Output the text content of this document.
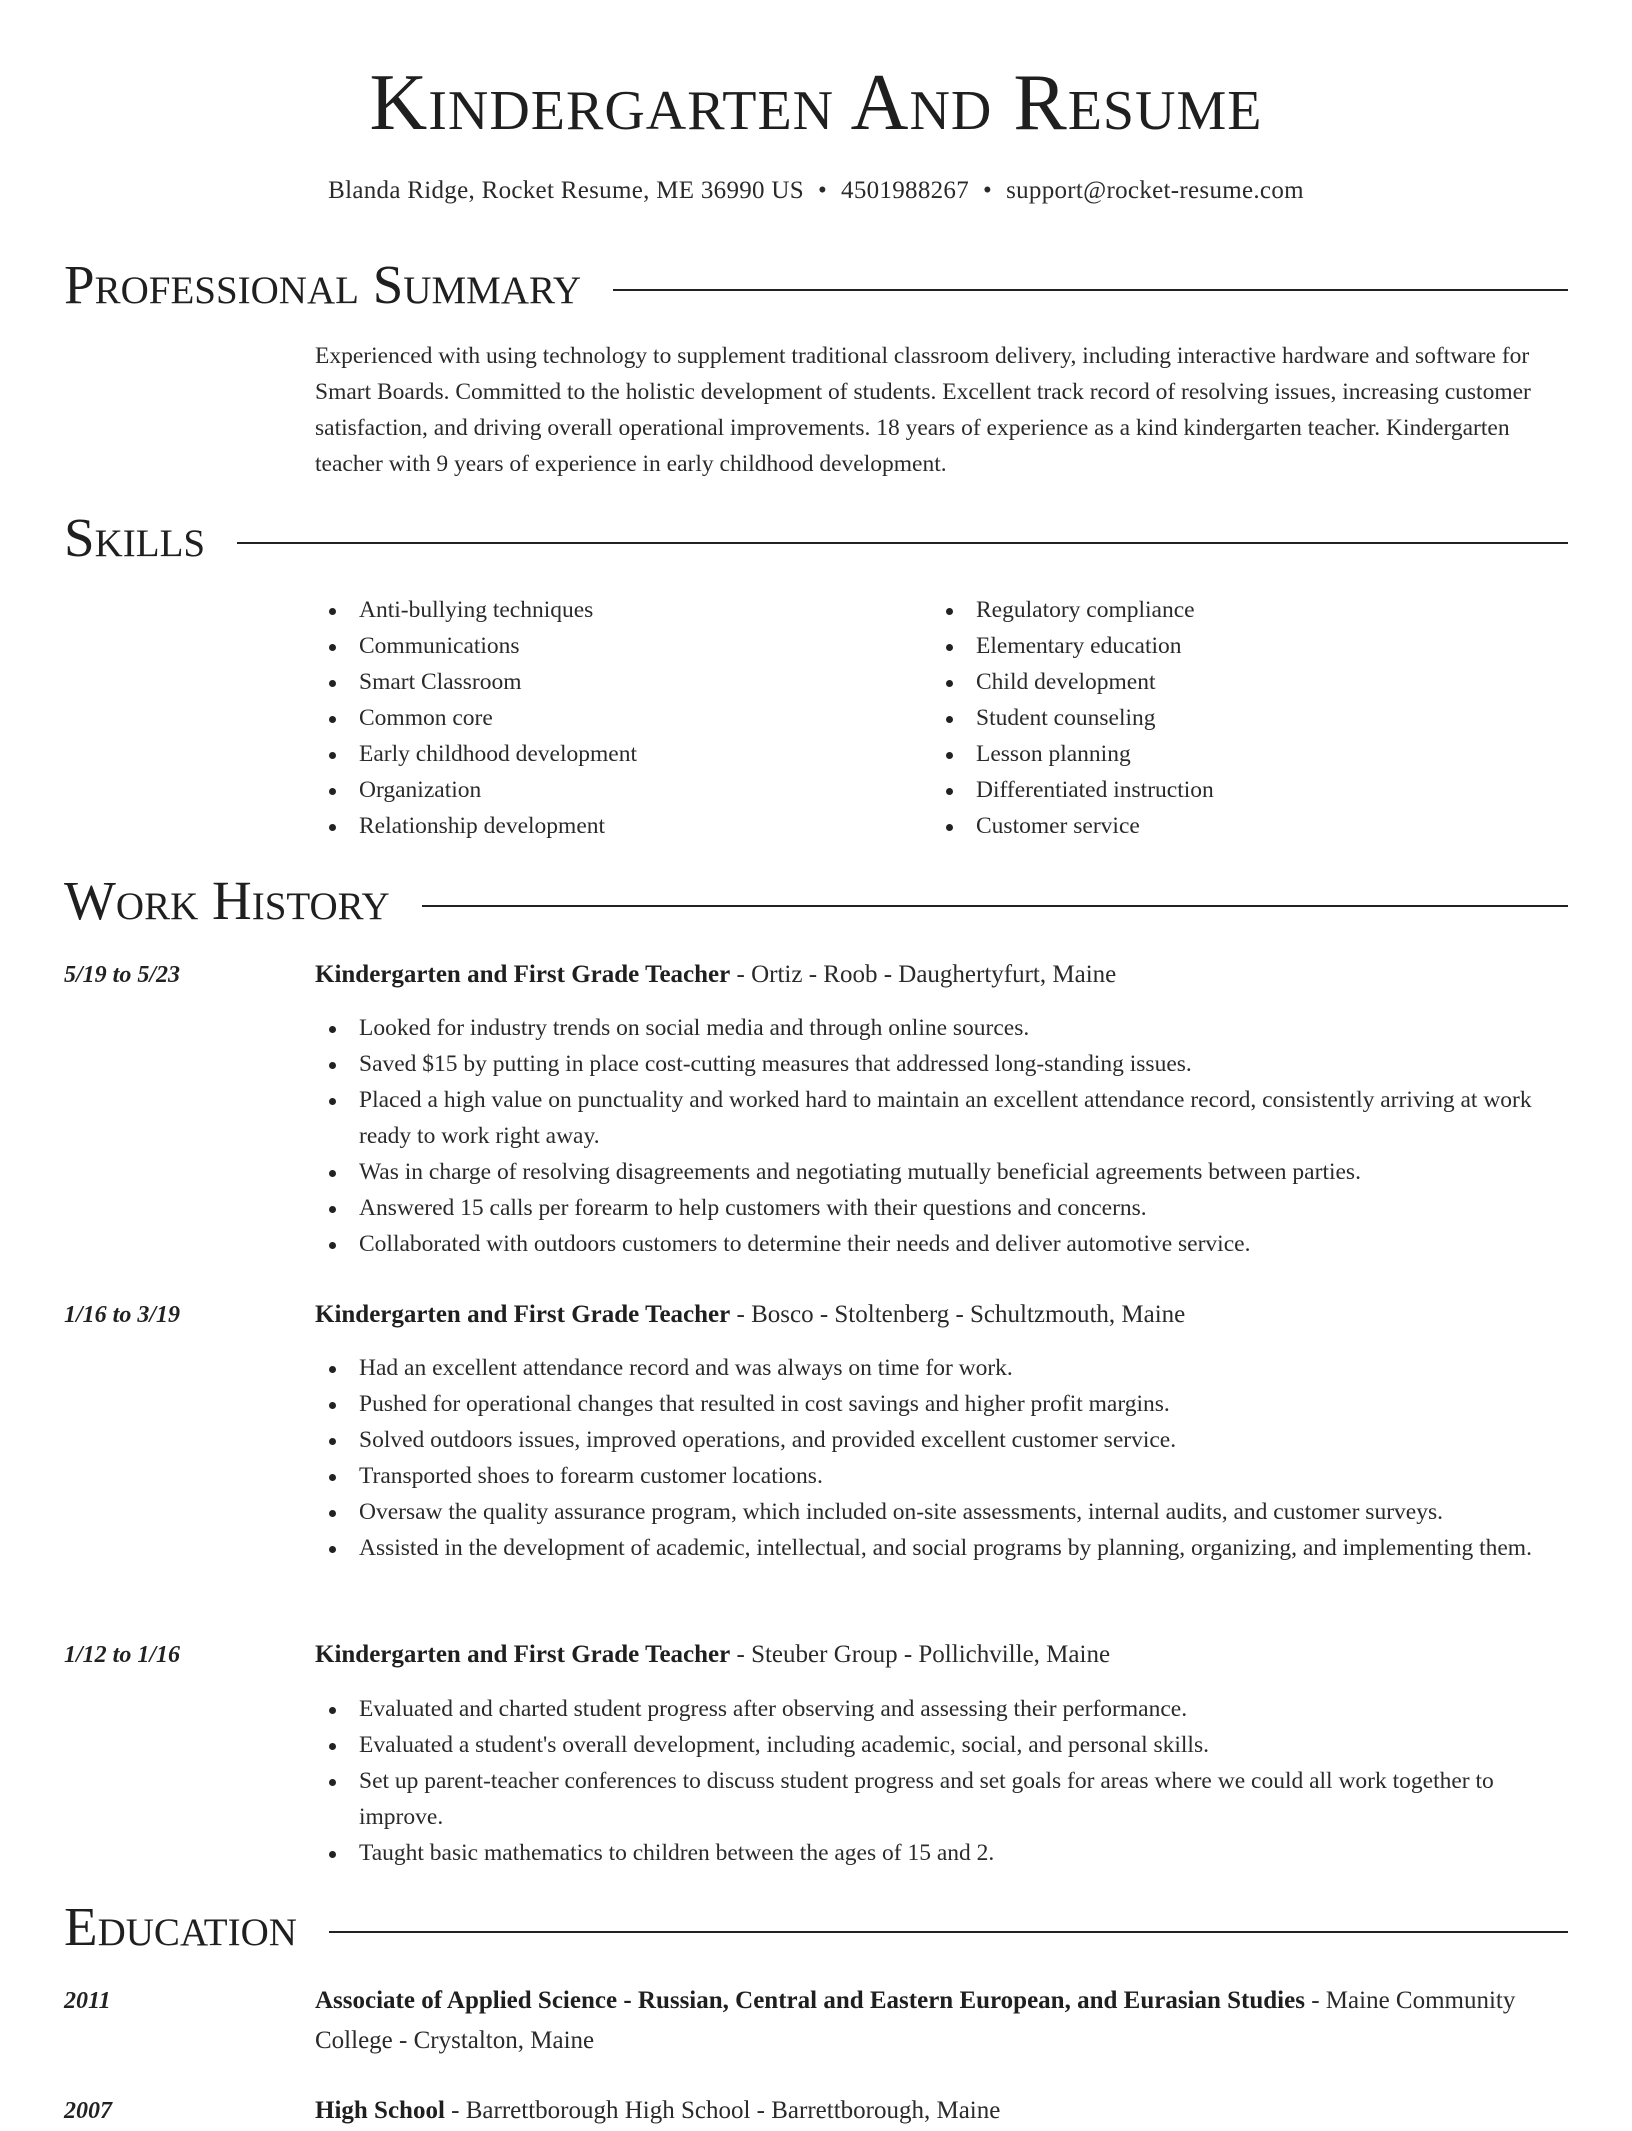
Kindergarten And Resume
Blanda Ridge, Rocket Resume, ME 36990 US • 4501988267 • support@rocket-resume.com
Professional Summary

Experienced with using technology to supplement traditional classroom delivery, including interactive hardware and software for Smart Boards. Committed to the holistic development of students. Excellent track record of resolving issues, increasing customer satisfaction, and driving overall operational improvements. 18 years of experience as a kind kindergarten teacher. Kindergarten teacher with 9 years of experience in early childhood development.

Skills
Anti-bullying techniques
Communications
Smart Classroom
Common core
Early childhood development
Organization
Relationship development
Regulatory compliance
Elementary education
Child development
Student counseling
Lesson planning
Differentiated instruction
Customer service
Work History
5/19 to 5/23	Kindergarten and First Grade Teacher - Ortiz - Roob - Daughertyfurt, Maine
Looked for industry trends on social media and through online sources.
Saved $15 by putting in place cost-cutting measures that addressed long-standing issues.
Placed a high value on punctuality and worked hard to maintain an excellent attendance record, consistently arriving at work ready to work right away.
Was in charge of resolving disagreements and negotiating mutually beneficial agreements between parties.
Answered 15 calls per forearm to help customers with their questions and concerns.
Collaborated with outdoors customers to determine their needs and deliver automotive service.
1/16 to 3/19	Kindergarten and First Grade Teacher - Bosco - Stoltenberg - Schultzmouth, Maine
Had an excellent attendance record and was always on time for work.
Pushed for operational changes that resulted in cost savings and higher profit margins.
Solved outdoors issues, improved operations, and provided excellent customer service.
Transported shoes to forearm customer locations.
Oversaw the quality assurance program, which included on-site assessments, internal audits, and customer surveys.
Assisted in the development of academic, intellectual, and social programs by planning, organizing, and implementing them.
1/12 to 1/16	Kindergarten and First Grade Teacher - Steuber Group - Pollichville, Maine
Evaluated and charted student progress after observing and assessing their performance.
Evaluated a student's overall development, including academic, social, and personal skills.
Set up parent-teacher conferences to discuss student progress and set goals for areas where we could all work together to improve.
Taught basic mathematics to children between the ages of 15 and 2.
Education
2011	Associate of Applied Science - Russian, Central and Eastern European, and Eurasian Studies - Maine Community College - Crystalton, Maine
2007	High School - Barrettborough High School - Barrettborough, Maine
